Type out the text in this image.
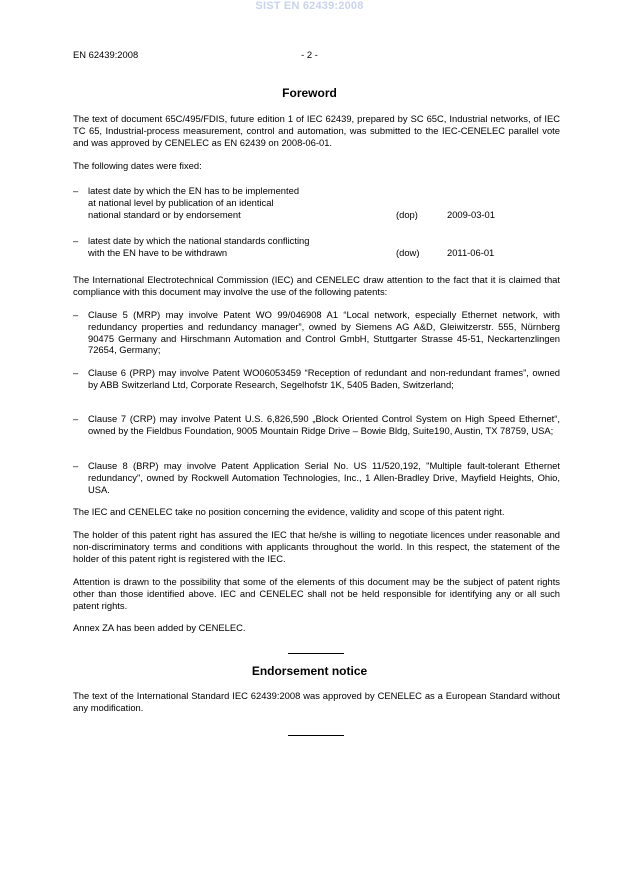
SIST EN 62439:2008
EN 62439:2008	- 2 -
Foreword
The text of document 65C/495/FDIS, future edition 1 of IEC 62439, prepared by SC 65C, Industrial networks, of IEC TC 65, Industrial-process measurement, control and automation, was submitted to the IEC-CENELEC parallel vote and was approved by CENELEC as EN 62439 on 2008-06-01.
The following dates were fixed:
– latest date by which the EN has to be implemented
at national level by publication of an identical
national standard or by endorsement	(dop)	2009-03-01
– latest date by which the national standards conflicting
with the EN have to be withdrawn	(dow)	2011-06-01
The International Electrotechnical Commission (IEC) and CENELEC draw attention to the fact that it is claimed that compliance with this document may involve the use of the following patents:
– Clause 5 (MRP) may involve Patent WO 99/046908 A1 “Local network, especially Ethernet network, with redundancy properties and redundancy manager”, owned by Siemens AG A&D, Gleiwitzerstr. 555, Nürnberg 90475 Germany and Hirschmann Automation and Control GmbH, Stuttgarter Strasse 45-51, Neckartenzlingen 72654, Germany;
– Clause 6 (PRP) may involve Patent WO06053459 “Reception of redundant and non-redundant frames”, owned by ABB Switzerland Ltd, Corporate Research, Segelhofstr 1K, 5405 Baden, Switzerland;
– Clause 7 (CRP) may involve Patent U.S. 6,826,590 „Block Oriented Control System on High Speed Ethernet“, owned by the Fieldbus Foundation, 9005 Mountain Ridge Drive – Bowie Bldg, Suite190, Austin, TX 78759, USA;
– Clause 8 (BRP) may involve Patent Application Serial No. US 11/520,192, "Multiple fault-tolerant Ethernet redundancy", owned by Rockwell Automation Technologies, Inc., 1 Allen-Bradley Drive, Mayfield Heights, Ohio, USA.
The IEC and CENELEC take no position concerning the evidence, validity and scope of this patent right.
The holder of this patent right has assured the IEC that he/she is willing to negotiate licences under reasonable and non-discriminatory terms and conditions with applicants throughout the world. In this respect, the statement of the holder of this patent right is registered with the IEC.
Attention is drawn to the possibility that some of the elements of this document may be the subject of patent rights other than those identified above. IEC and CENELEC shall not be held responsible for identifying any or all such patent rights.
Annex ZA has been added by CENELEC.
Endorsement notice
The text of the International Standard IEC 62439:2008 was approved by CENELEC as a European Standard without any modification.
